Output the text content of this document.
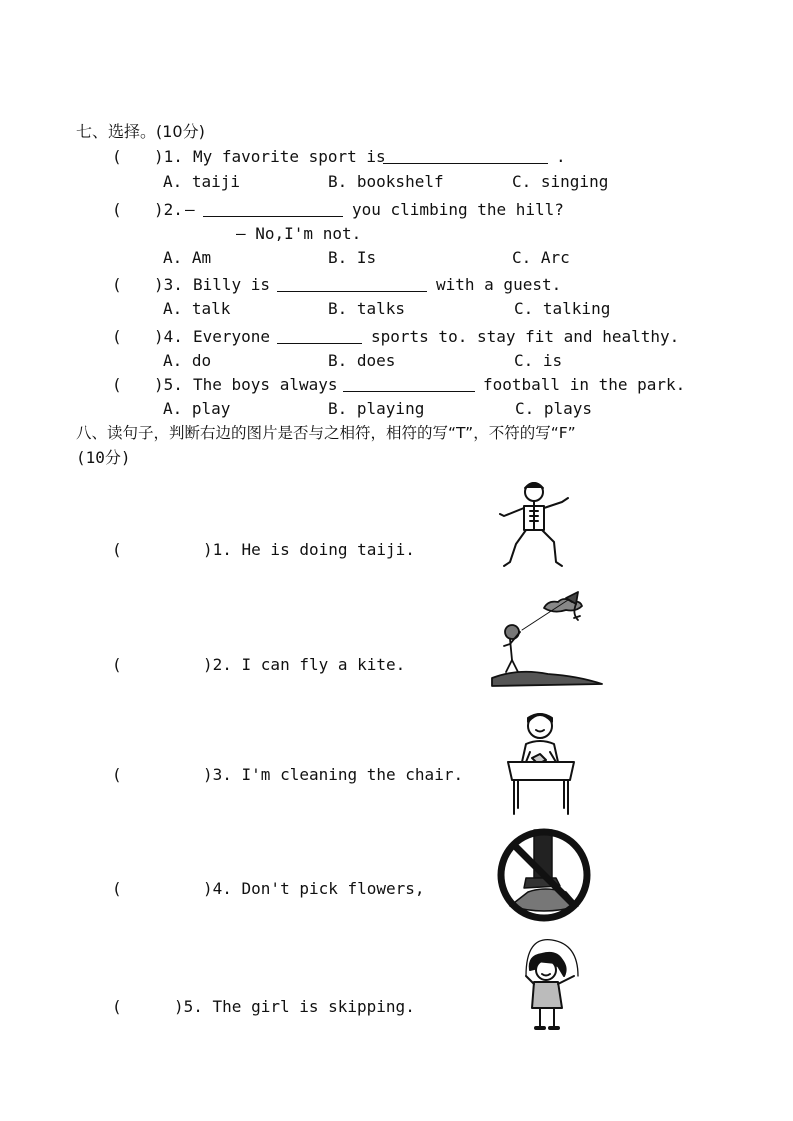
七、选择。(10分)
( )1. My favorite sport is	.
A. taiji	B. bookshelf	C. singing
( )2. —	you climbing the hill?
— No,I'm not.
A. Am	B. Is	C. Arc
( )3. Billy is	with a guest.
A. talk	B. talks	C. talking
( )4. Everyone	sports to. stay fit and healthy.
A. do	B. does	C. is
( )5. The boys always	football in the park.
A. play	B. playing	C. plays
八、读句子，判断右边的图片是否与之相符，相符的写“T”，不符的写“F”
(10分)
(	)1. He is doing taiji.
(	)2. I can fly a kite.
(	)3. I'm cleaning the chair.
(	)4. Don't pick flowers,
(	)5. The girl is skipping.
